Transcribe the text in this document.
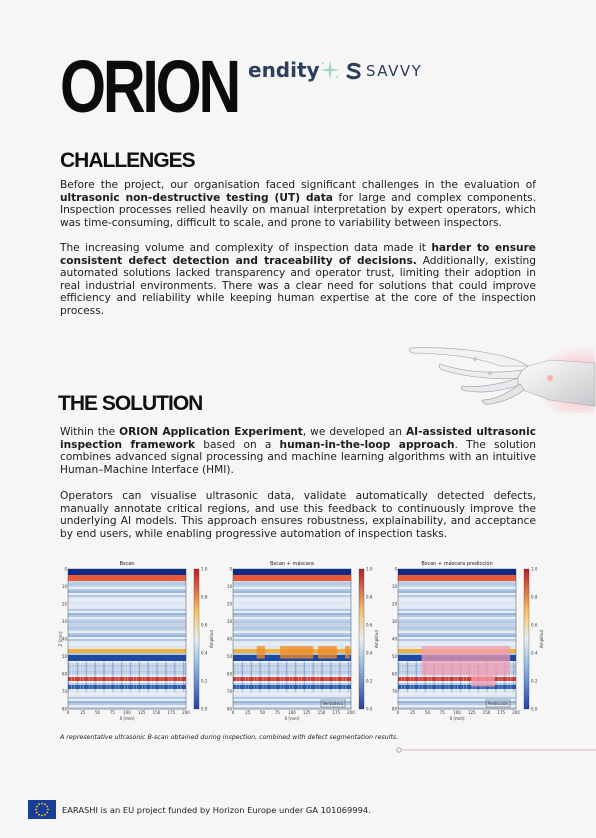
ORION endity	SAVVY
CHALLENGES
Before the project, our organisation faced significant challenges in the evaluation of ultrasonic non-destructive testing (UT) data for large and complex components. Inspection processes relied heavily on manual interpretation by expert operators, which was time-consuming, difficult to scale, and prone to variability between inspectors.
The increasing volume and complexity of inspection data made it harder to ensure consistent defect detection and traceability of decisions. Additionally, existing automated solutions lacked transparency and operator trust, limiting their adoption in real industrial environments. There was a clear need for solutions that could improve efficiency and reliability while keeping human expertise at the core of the inspection process.
THE SOLUTION
Within the ORION Application Experiment, we developed an AI-assisted ultrasonic inspection framework based on a human-in-the-loop approach. The solution combines advanced signal processing and machine learning algorithms with an intuitive Human–Machine Interface (HMI).
Operators can visualise ultrasonic data, validate automatically detected defects, manually annotate critical regions, and use this feedback to continuously improve the underlying AI models. This approach ensures robustness, explainability, and acceptance by end users, while enabling progressive automation of inspection tasks.
Bscan
0	25 50 75 100 125 150 175 200
0
10
20
30
40
50
60
70
80
X [mm]
Z [mm]
1.0
0.8
0.6
0.4
0.2
0.0
Amplitud
Bscan + máscara
Verdadera
0	25 50 75 100 125 150 175 200
0
10
20
30
40
50
60
70
80
X [mm]
1.0
0.8
0.6
0.4
0.2
0.0
Amplitud
Bscan + máscara predicción
Predicción
0	25 50 75 100 125 150 175 200
0
10
20
30
40
50
60
70
80
X [mm]
1.0
0.8
0.6
0.4
0.2
0.0
Amplitud
A representative ultrasonic B-scan obtained during inspection, combined with defect segmentation results.
EARASHI is an EU project funded by Horizon Europe under GA 101069994.
